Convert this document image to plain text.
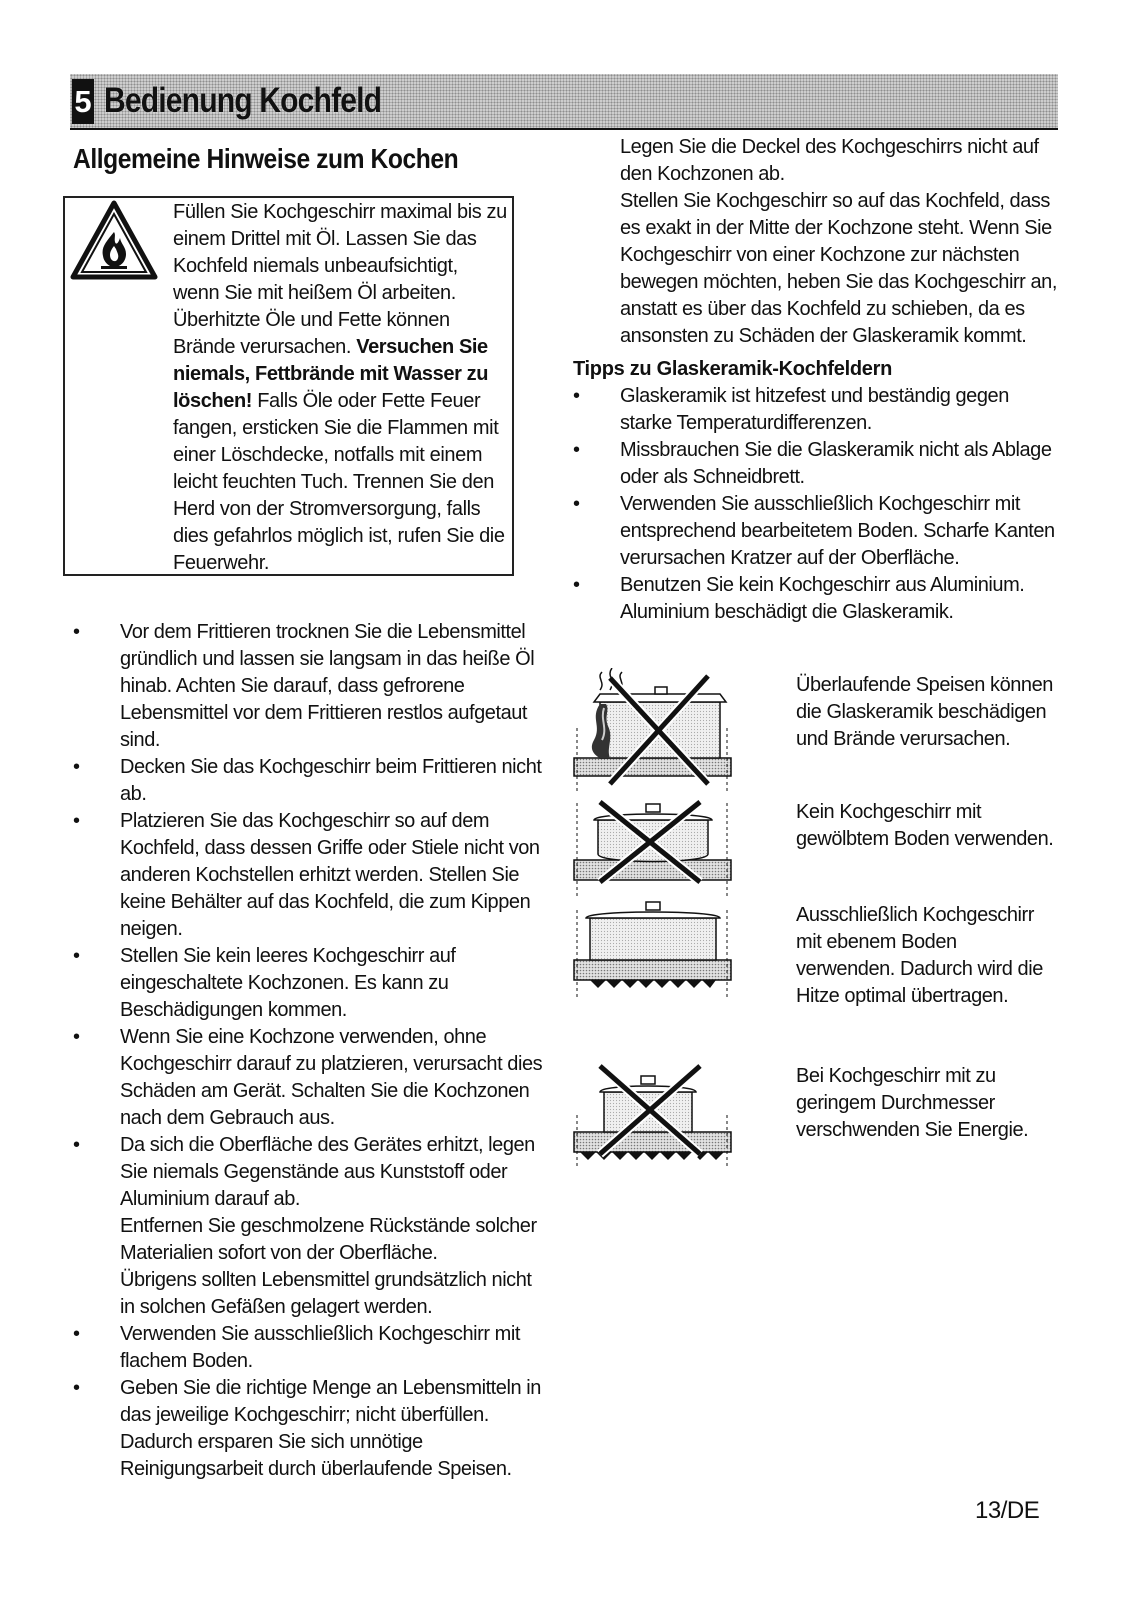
5 Bedienung Kochfeld
Allgemeine Hinweise zum Kochen
Füllen Sie Kochgeschirr maximal bis zu einem Drittel mit Öl. Lassen Sie das Kochfeld niemals unbeaufsichtigt, wenn Sie mit heißem Öl arbeiten. Überhitzte Öle und Fette können Brände verursachen. Versuchen Sie niemals, Fettbrände mit Wasser zu löschen! Falls Öle oder Fette Feuer fangen, ersticken Sie die Flammen mit einer Löschdecke, notfalls mit einem leicht feuchten Tuch. Trennen Sie den Herd von der Stromversorgung, falls dies gefahrlos möglich ist, rufen Sie die Feuerwehr.
• Vor dem Frittieren trocknen Sie die Lebensmittel gründlich und lassen sie langsam in das heiße Öl hinab. Achten Sie darauf, dass gefrorene Lebensmittel vor dem Frittieren restlos aufgetaut sind.
• Decken Sie das Kochgeschirr beim Frittieren nicht ab.
• Platzieren Sie das Kochgeschirr so auf dem Kochfeld, dass dessen Griffe oder Stiele nicht von anderen Kochstellen erhitzt werden. Stellen Sie keine Behälter auf das Kochfeld, die zum Kippen neigen.
• Stellen Sie kein leeres Kochgeschirr auf eingeschaltete Kochzonen. Es kann zu Beschädigungen kommen.
• Wenn Sie eine Kochzone verwenden, ohne Kochgeschirr darauf zu platzieren, verursacht dies Schäden am Gerät. Schalten Sie die Kochzonen nach dem Gebrauch aus.
• Da sich die Oberfläche des Gerätes erhitzt, legen Sie niemals Gegenstände aus Kunststoff oder Aluminium darauf ab.
Entfernen Sie geschmolzene Rückstände solcher Materialien sofort von der Oberfläche.
Übrigens sollten Lebensmittel grundsätzlich nicht in solchen Gefäßen gelagert werden.
• Verwenden Sie ausschließlich Kochgeschirr mit flachem Boden.
• Geben Sie die richtige Menge an Lebensmitteln in das jeweilige Kochgeschirr; nicht überfüllen. Dadurch ersparen Sie sich unnötige Reinigungsarbeit durch überlaufende Speisen.
Legen Sie die Deckel des Kochgeschirrs nicht auf den Kochzonen ab.
Stellen Sie Kochgeschirr so auf das Kochfeld, dass es exakt in der Mitte der Kochzone steht. Wenn Sie Kochgeschirr von einer Kochzone zur nächsten bewegen möchten, heben Sie das Kochgeschirr an, anstatt es über das Kochfeld zu schieben, da es ansonsten zu Schäden der Glaskeramik kommt.
Tipps zu Glaskeramik-Kochfeldern
• Glaskeramik ist hitzefest und beständig gegen starke Temperaturdifferenzen.
• Missbrauchen Sie die Glaskeramik nicht als Ablage oder als Schneidbrett.
• Verwenden Sie ausschließlich Kochgeschirr mit entsprechend bearbeitetem Boden. Scharfe Kanten verursachen Kratzer auf der Oberfläche.
• Benutzen Sie kein Kochgeschirr aus Aluminium. Aluminium beschädigt die Glaskeramik.
Überlaufende Speisen können die Glaskeramik beschädigen und Brände verursachen.
Kein Kochgeschirr mit gewölbtem Boden verwenden.
Ausschließlich Kochgeschirr mit ebenem Boden verwenden. Dadurch wird die Hitze optimal übertragen.
Bei Kochgeschirr mit zu geringem Durchmesser verschwenden Sie Energie.
13/DE
